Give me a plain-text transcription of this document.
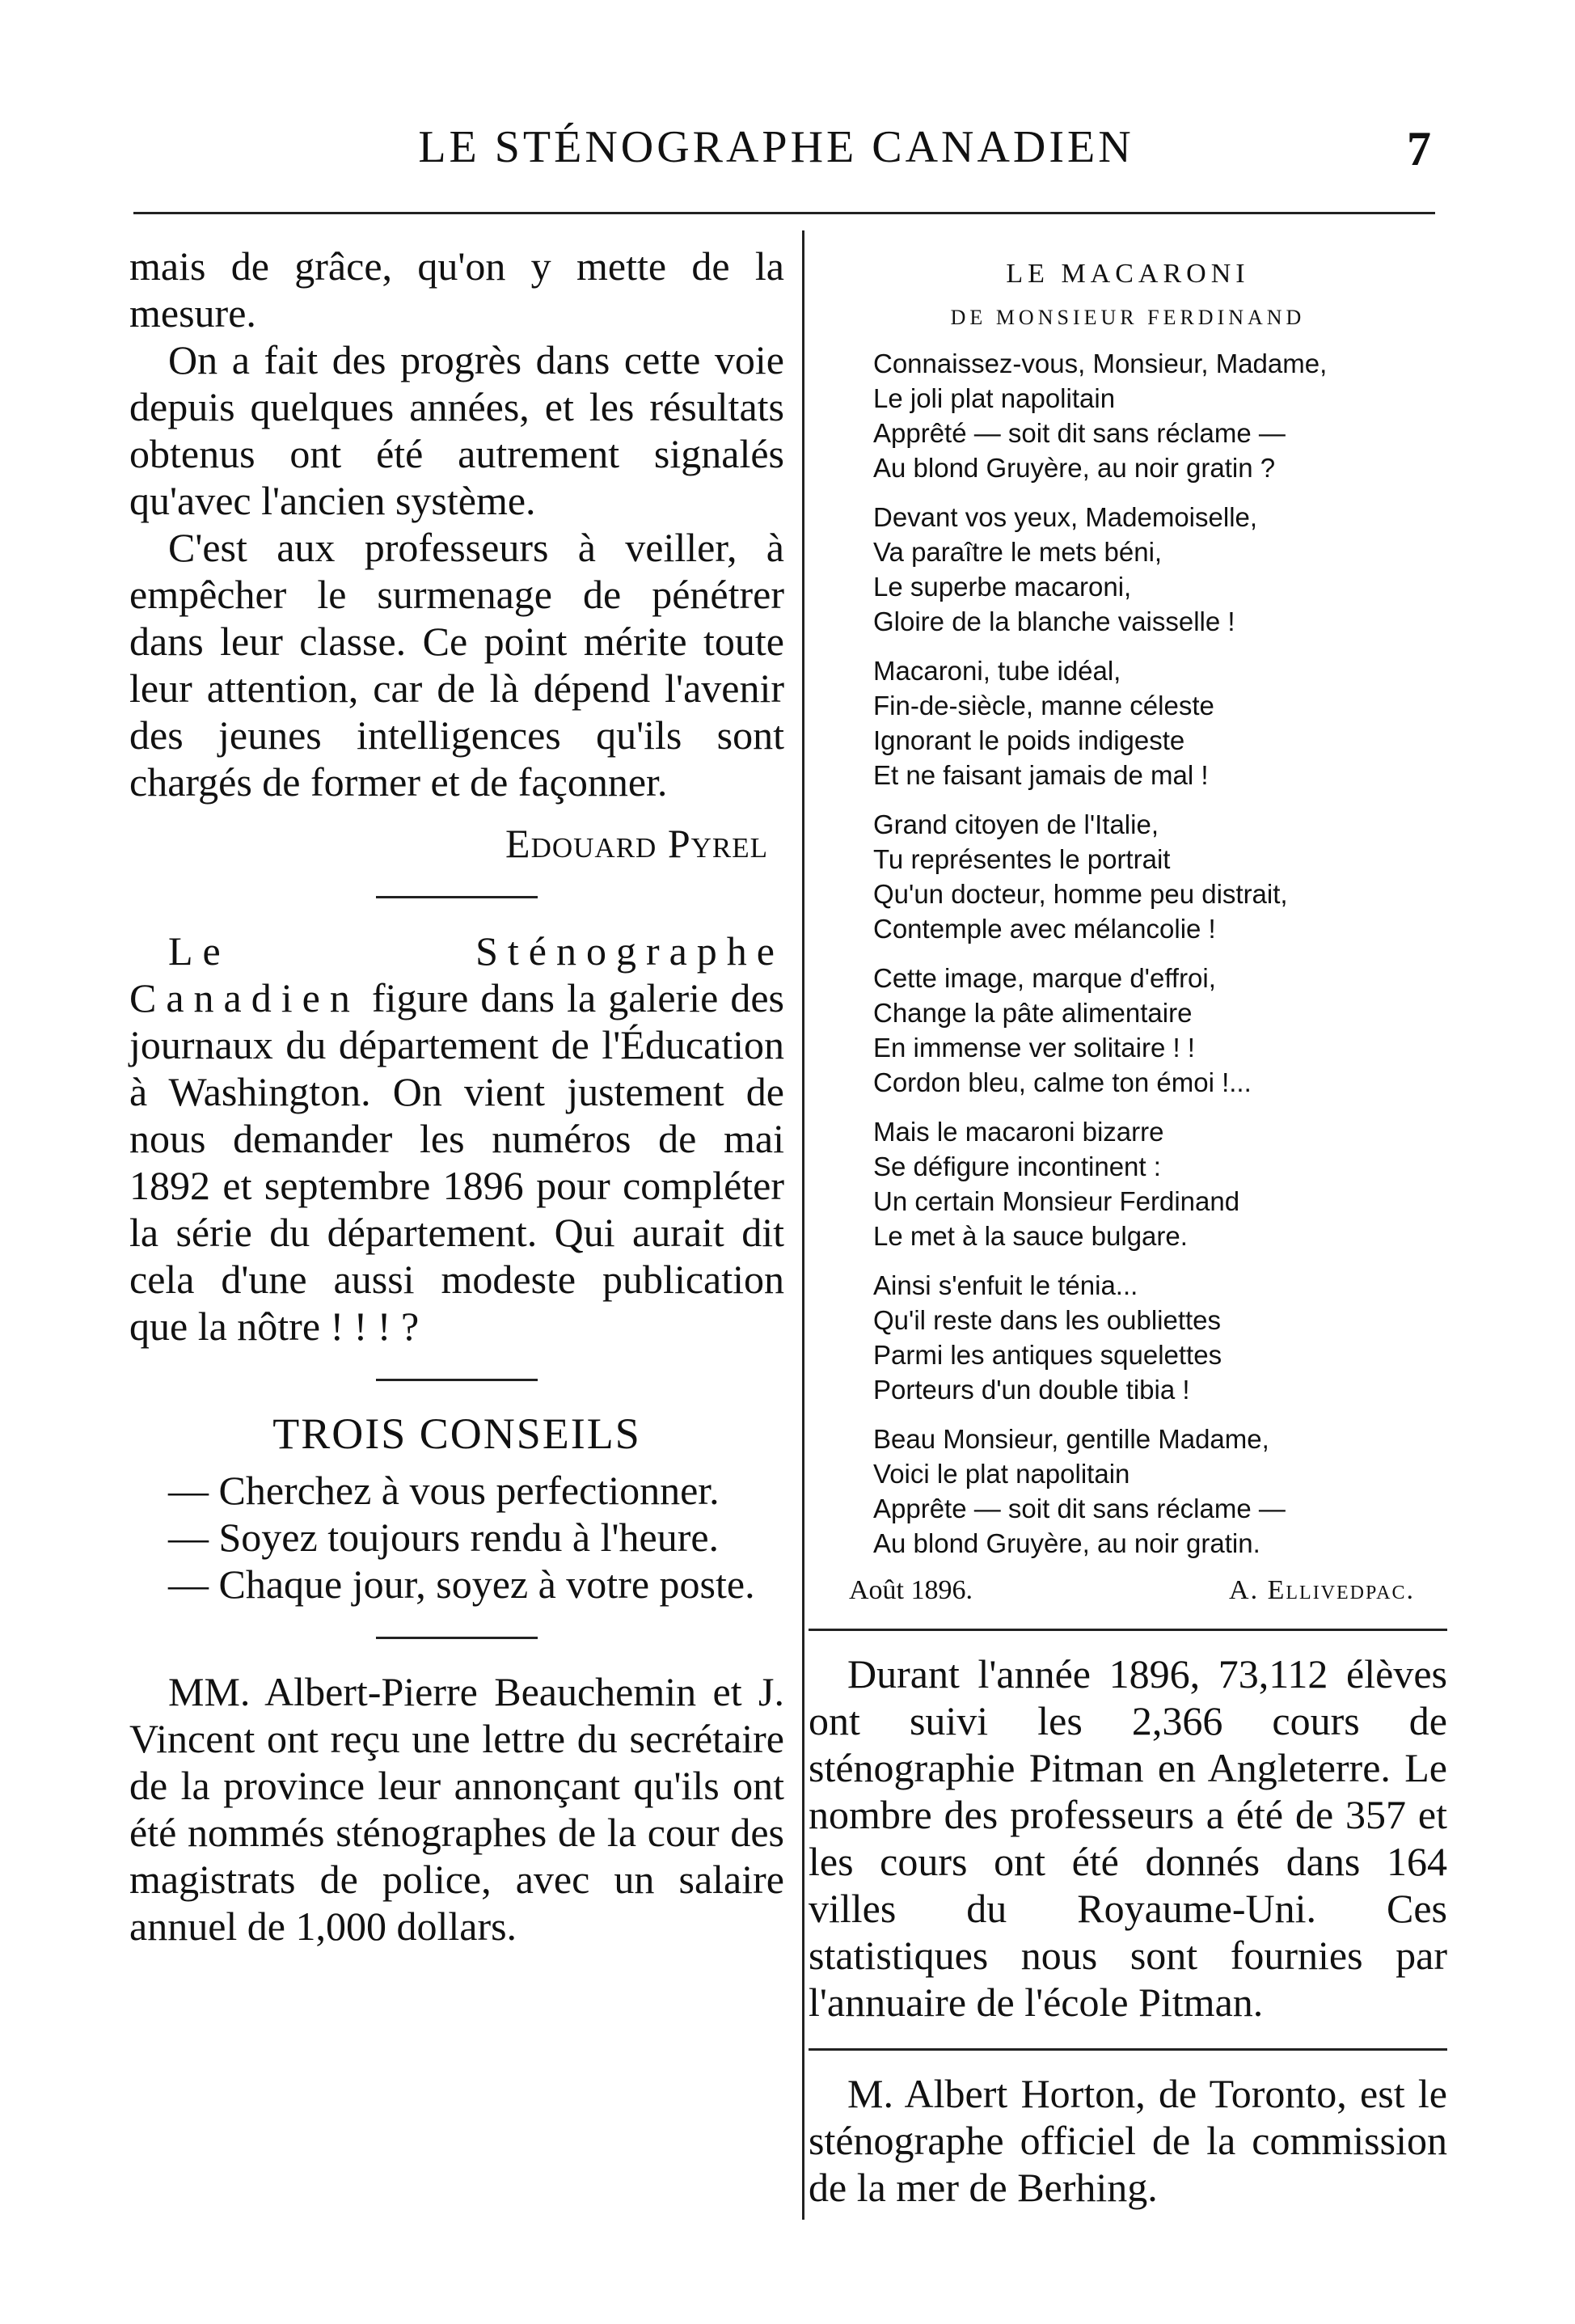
LE STÉNOGRAPHE CANADIEN	7

mais de grâce, qu'on y mette de la mesure.

On a fait des progrès dans cette voie depuis quelques années, et les résultats obtenus ont été autrement signalés qu'avec l'ancien système.

C'est aux professeurs à veiller, à empêcher le surmenage de pénétrer dans leur classe. Ce point mérite toute leur attention, car de là dépend l'avenir des jeunes intelligences qu'ils sont chargés de former et de façonner.

Edouard Pyrel

Le Sténographe Canadien figure dans la galerie des journaux du département de l'Éducation à Washington. On vient justement de nous demander les numéros de mai 1892 et septembre 1896 pour compléter la série du département. Qui aurait dit cela d'une aussi modeste publication que la nôtre ! ! ! ?

TROIS CONSEILS

— Cherchez à vous perfectionner.

— Soyez toujours rendu à l'heure.

— Chaque jour, soyez à votre poste.

MM. Albert-Pierre Beauchemin et J. Vincent ont reçu une lettre du secrétaire de la province leur annonçant qu'ils ont été nommés sténographes de la cour des magistrats de police, avec un salaire annuel de 1,000 dollars.

LE MACARONI
DE MONSIEUR FERDINAND
Connaissez-vous, Monsieur, Madame,
Le joli plat napolitain
Apprêté — soit dit sans réclame —
Au blond Gruyère, au noir gratin ?
Devant vos yeux, Mademoiselle,
Va paraître le mets béni,
Le superbe macaroni,
Gloire de la blanche vaisselle !
Macaroni, tube idéal,
Fin-de-siècle, manne céleste
Ignorant le poids indigeste
Et ne faisant jamais de mal !
Grand citoyen de l'Italie,
Tu représentes le portrait
Qu'un docteur, homme peu distrait,
Contemple avec mélancolie !
Cette image, marque d'effroi,
Change la pâte alimentaire
En immense ver solitaire ! !
Cordon bleu, calme ton émoi !...
Mais le macaroni bizarre
Se défigure incontinent :
Un certain Monsieur Ferdinand
Le met à la sauce bulgare.
Ainsi s'enfuit le ténia...
Qu'il reste dans les oubliettes
Parmi les antiques squelettes
Porteurs d'un double tibia !
Beau Monsieur, gentille Madame,
Voici le plat napolitain
Apprête — soit dit sans réclame —
Au blond Gruyère, au noir gratin.
Août 1896.	A. Ellivedpac.

Durant l'année 1896, 73,112 élèves ont suivi les 2,366 cours de sténographie Pitman en Angleterre. Le nombre des professeurs a été de 357 et les cours ont été donnés dans 164 villes du Royaume-Uni. Ces statistiques nous sont fournies par l'annuaire de l'école Pitman.

M. Albert Horton, de Toronto, est le sténographe officiel de la commission de la mer de Berhing.
